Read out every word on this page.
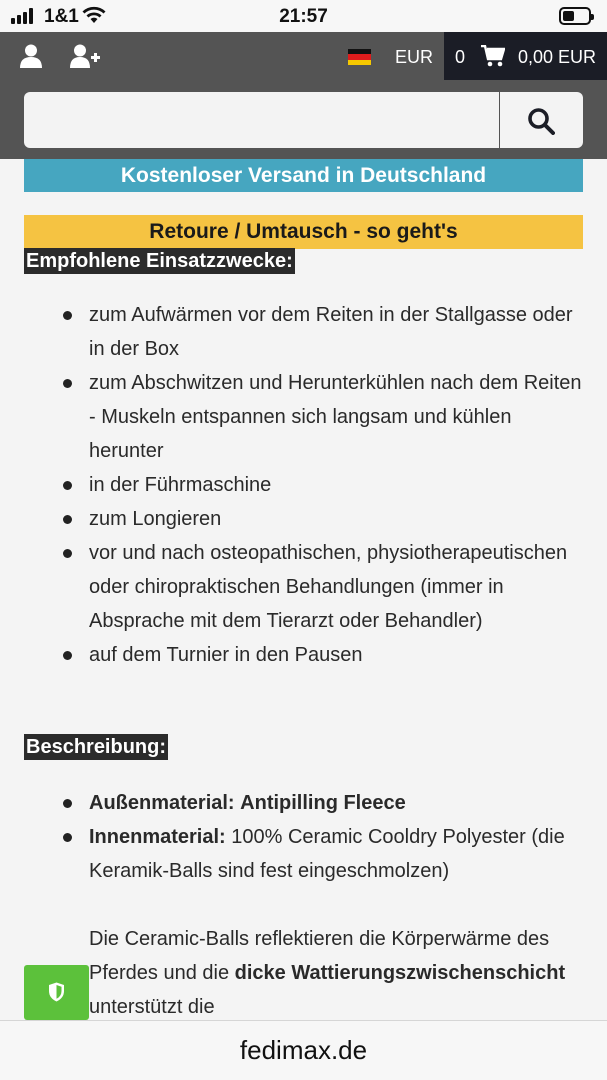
1&1	21:57
EUR 0	0,00 EUR
Kostenloser Versand in Deutschland
Retoure / Umtausch - so geht's
Empfohlene Einsatzzwecke:
zum Aufwärmen vor dem Reiten in der Stallgasse oder in der Box
zum Abschwitzen und Herunterkühlen nach dem Reiten - Muskeln entspannen sich langsam und kühlen herunter
in der Führmaschine
zum Longieren
vor und nach osteopathischen, physiotherapeutischen oder chiropraktischen Behandlungen (immer in Absprache mit dem Tierarzt oder Behandler)
auf dem Turnier in den Pausen
Beschreibung:
Außenmaterial: Antipilling Fleece
Innenmaterial: 100% Ceramic Cooldry Polyester (die Keramik-Balls sind fest eingeschmolzen)
Die Ceramic-Balls reflektieren die Körperwärme des Pferdes und die dicke Wattierungszwischenschicht unterstützt die
fedimax.de
